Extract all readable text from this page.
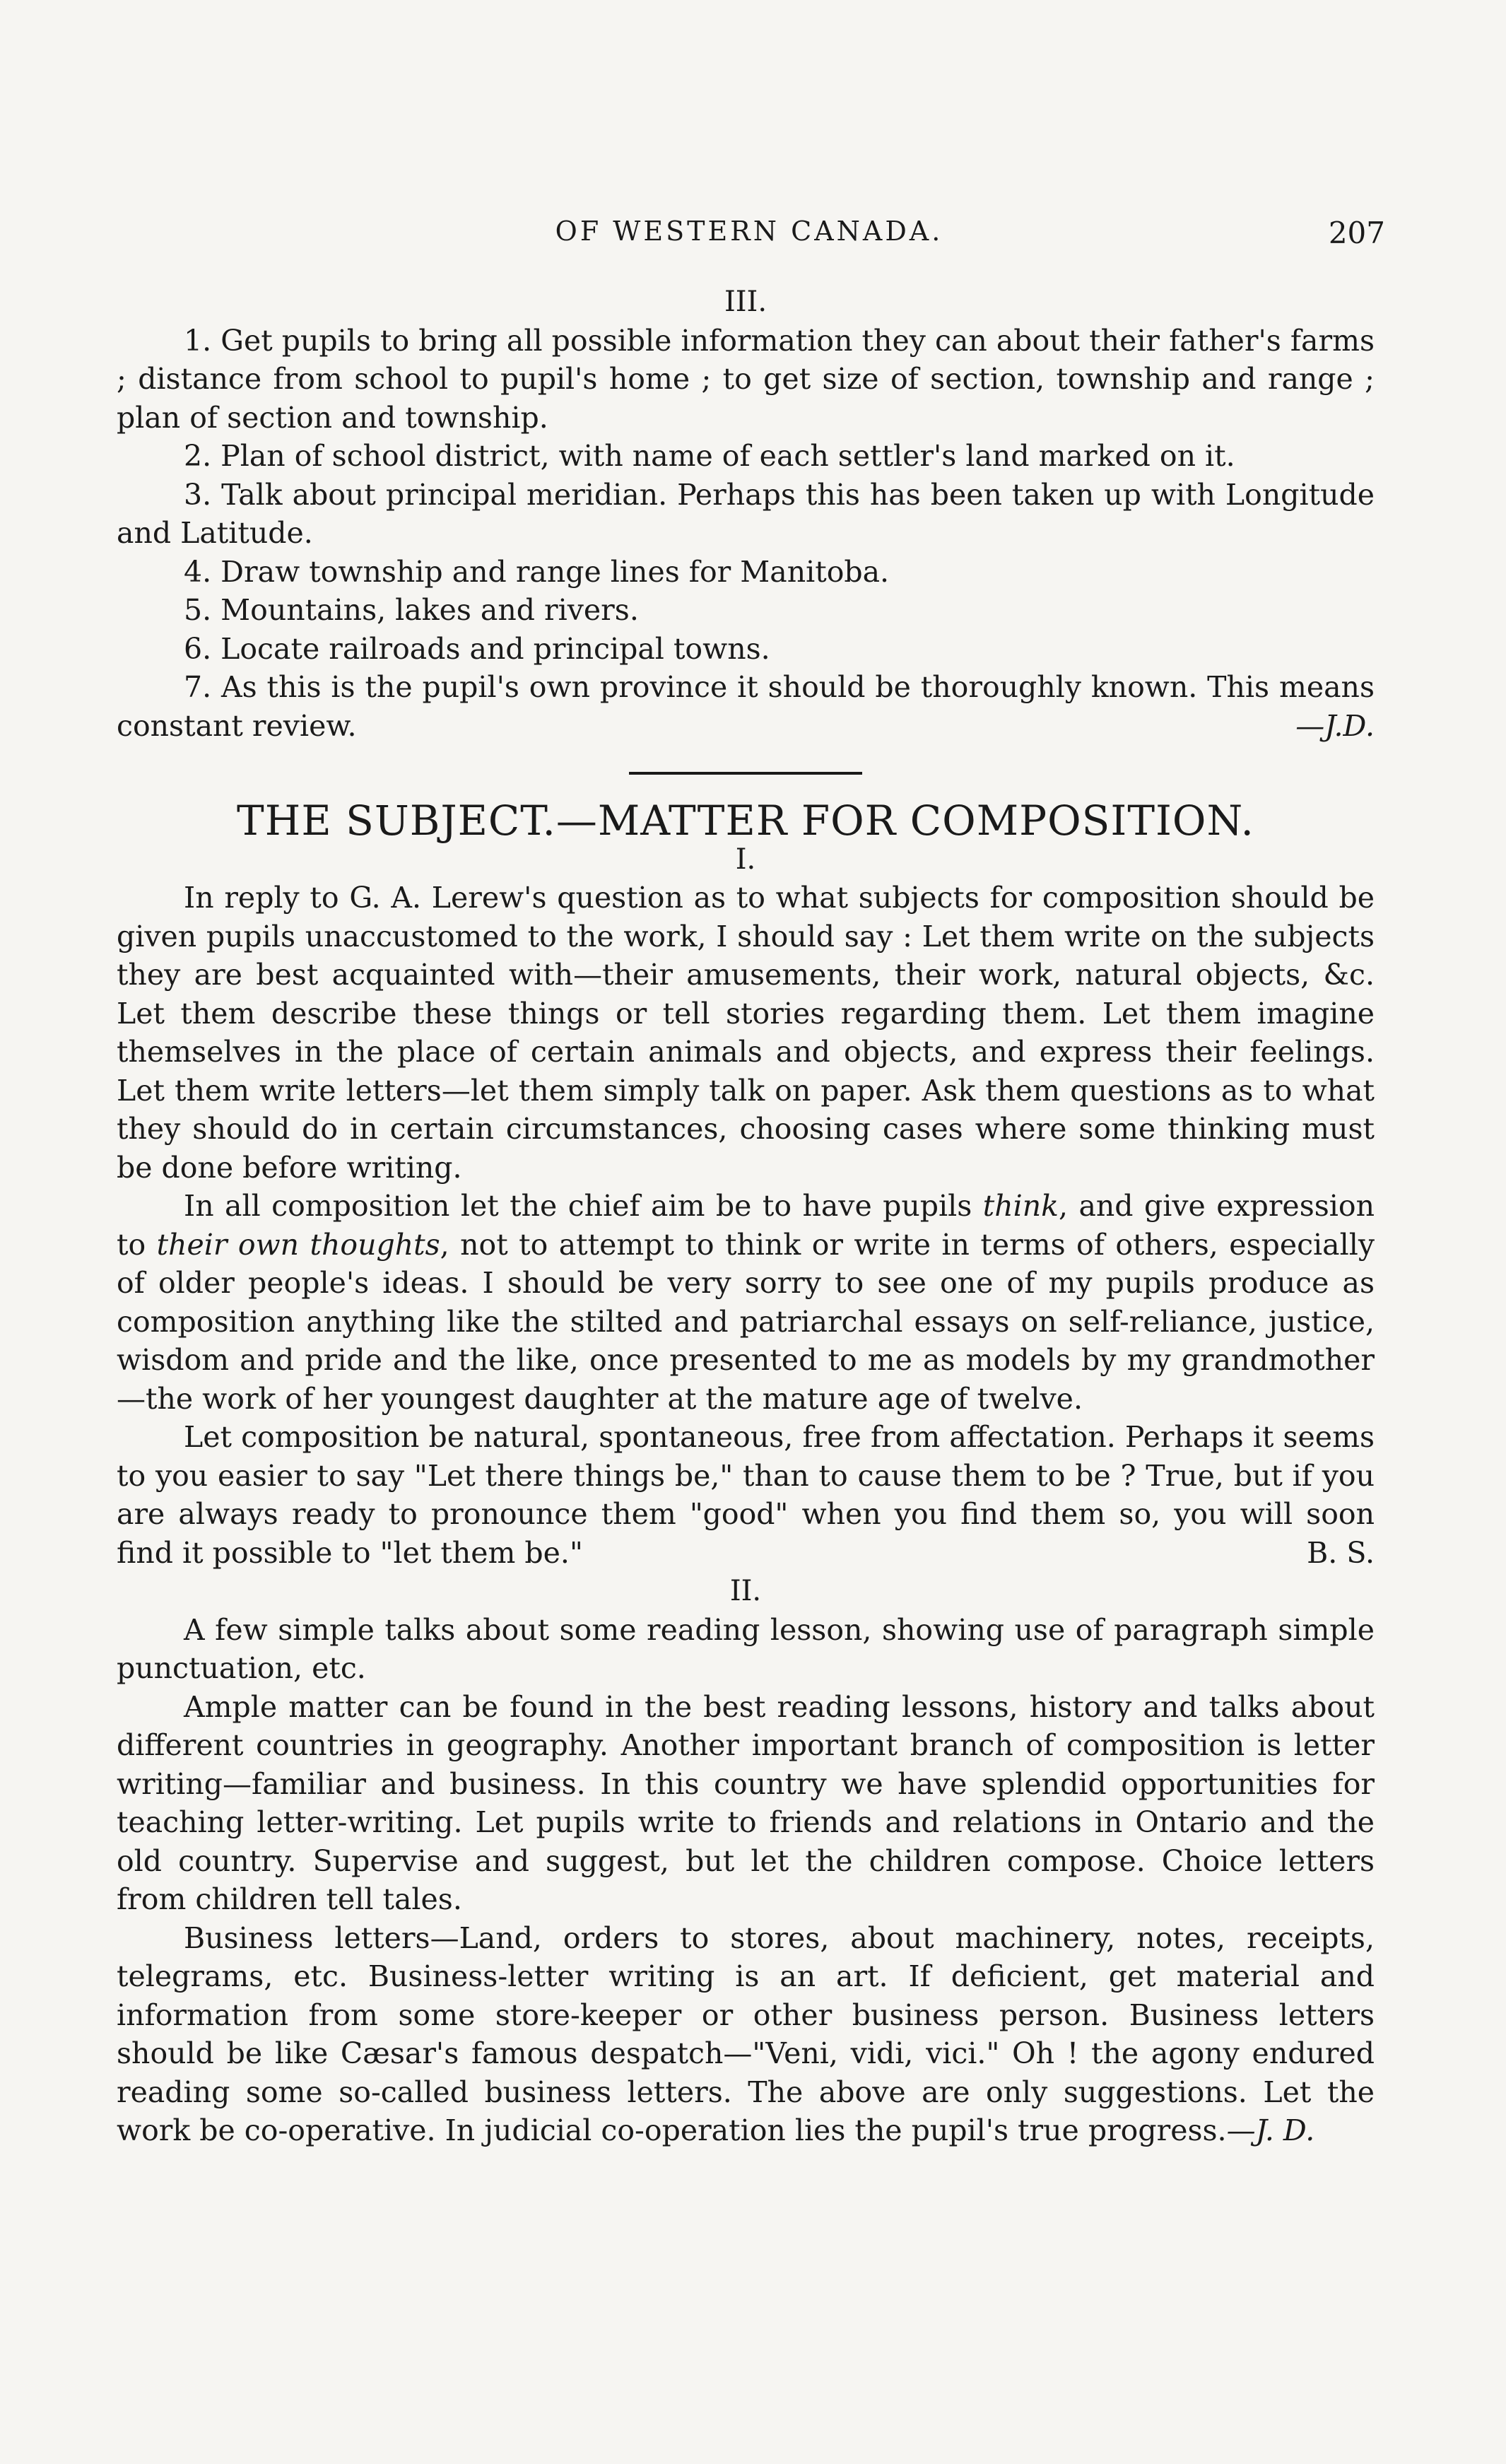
OF WESTERN CANADA.	207

III.

1. Get pupils to bring all possible information they can about their father's farms ; distance from school to pupil's home ; to get size of section, township and range ; plan of section and township.

2. Plan of school district, with name of each settler's land marked on it.

3. Talk about principal meridian. Perhaps this has been taken up with Longitude and Latitude.

4. Draw township and range lines for Manitoba.

5. Mountains, lakes and rivers.

6. Locate railroads and principal towns.

7. As this is the pupil's own province it should be thoroughly known. This means constant review.	—J.D.

THE SUBJECT.—MATTER FOR COMPOSITION.

I.

In reply to G. A. Lerew's question as to what subjects for composition should be given pupils unaccustomed to the work, I should say : Let them write on the subjects they are best acquainted with—their amusements, their work, natural objects, &c. Let them describe these things or tell stories regarding them. Let them imagine themselves in the place of certain animals and objects, and express their feelings. Let them write letters—let them simply talk on paper. Ask them questions as to what they should do in certain circumstances, choosing cases where some thinking must be done before writing.

In all composition let the chief aim be to have pupils think, and give expression to their own thoughts, not to attempt to think or write in terms of others, especially of older people's ideas. I should be very sorry to see one of my pupils produce as composition anything like the stilted and patriarchal essays on self-reliance, justice, wisdom and pride and the like, once presented to me as models by my grandmother—the work of her youngest daughter at the mature age of twelve.

Let composition be natural, spontaneous, free from affectation. Perhaps it seems to you easier to say "Let there things be," than to cause them to be ? True, but if you are always ready to pronounce them "good" when you find them so, you will soon find it possible to "let them be."	B. S.

II.

A few simple talks about some reading lesson, showing use of paragraph simple punctuation, etc.

Ample matter can be found in the best reading lessons, history and talks about different countries in geography. Another important branch of composition is letter writing—familiar and business. In this country we have splendid opportunities for teaching letter-writing. Let pupils write to friends and relations in Ontario and the old country. Supervise and suggest, but let the children compose. Choice letters from children tell tales.

Business letters—Land, orders to stores, about machinery, notes, receipts, telegrams, etc. Business-letter writing is an art. If deficient, get material and information from some store-keeper or other business person. Business letters should be like Cæsar's famous despatch—"Veni, vidi, vici." Oh ! the agony endured reading some so-called business letters. The above are only suggestions. Let the work be co-operative. In judicial co-operation lies the pupil's true progress.—J. D.
